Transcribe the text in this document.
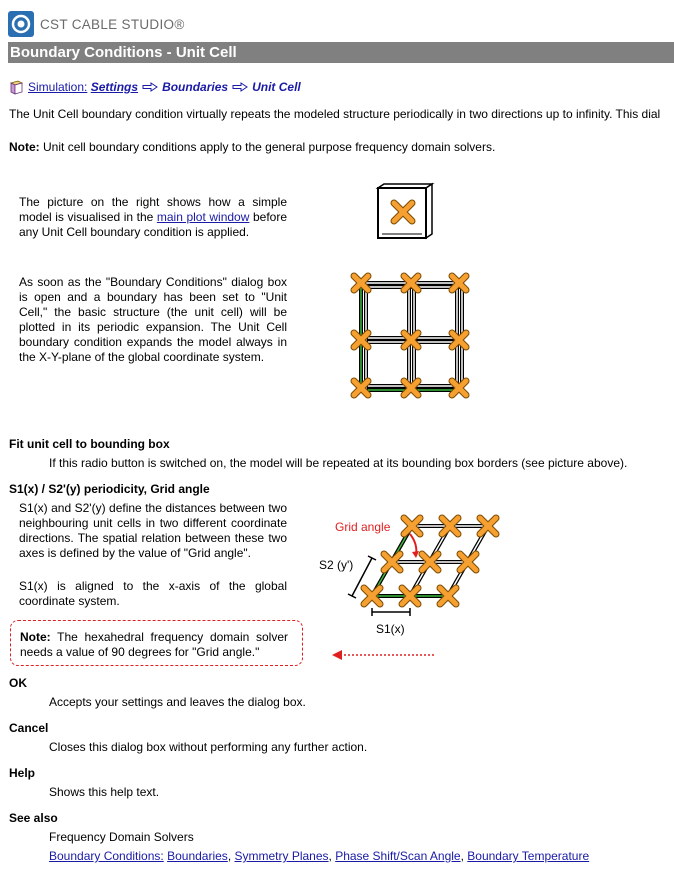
CST CABLE STUDIO®
Boundary Conditions - Unit Cell
Simulation:
Settings Boundaries Unit Cell
The Unit Cell boundary condition virtually repeats the modeled structure periodically in two directions up to infinity. This dial
Note: Unit cell boundary conditions apply to the general purpose frequency domain solvers.
The picture on the right shows how a simple model is visualised in the main plot window before any Unit Cell boundary condition is applied.
As soon as the "Boundary Conditions" dialog box is open and a boundary has been set to "Unit Cell," the basic structure (the unit cell) will be plotted in its periodic expansion. The Unit Cell boundary condition expands the model always in the X-Y-plane of the global coordinate system.
Fit unit cell to bounding box
If this radio button is switched on, the model will be repeated at its bounding box borders (see picture above).
S1(x) / S2'(y) periodicity, Grid angle
S1(x) and S2'(y) define the distances between two neighbouring unit cells in two different coordinate directions. The spatial relation between these two axes is defined by the value of "Grid angle".
S1(x) is aligned to the x-axis of the global coordinate system.
Grid angle
S2 (y')
S1(x)
Note: The hexahedral frequency domain solver needs a value of 90 degrees for "Grid angle."
OK
Accepts your settings and leaves the dialog box.
Cancel
Closes this dialog box without performing any further action.
Help
Shows this help text.
See also
Frequency Domain Solvers
Boundary Conditions: Boundaries, Symmetry Planes, Phase Shift/Scan Angle, Boundary Temperature
